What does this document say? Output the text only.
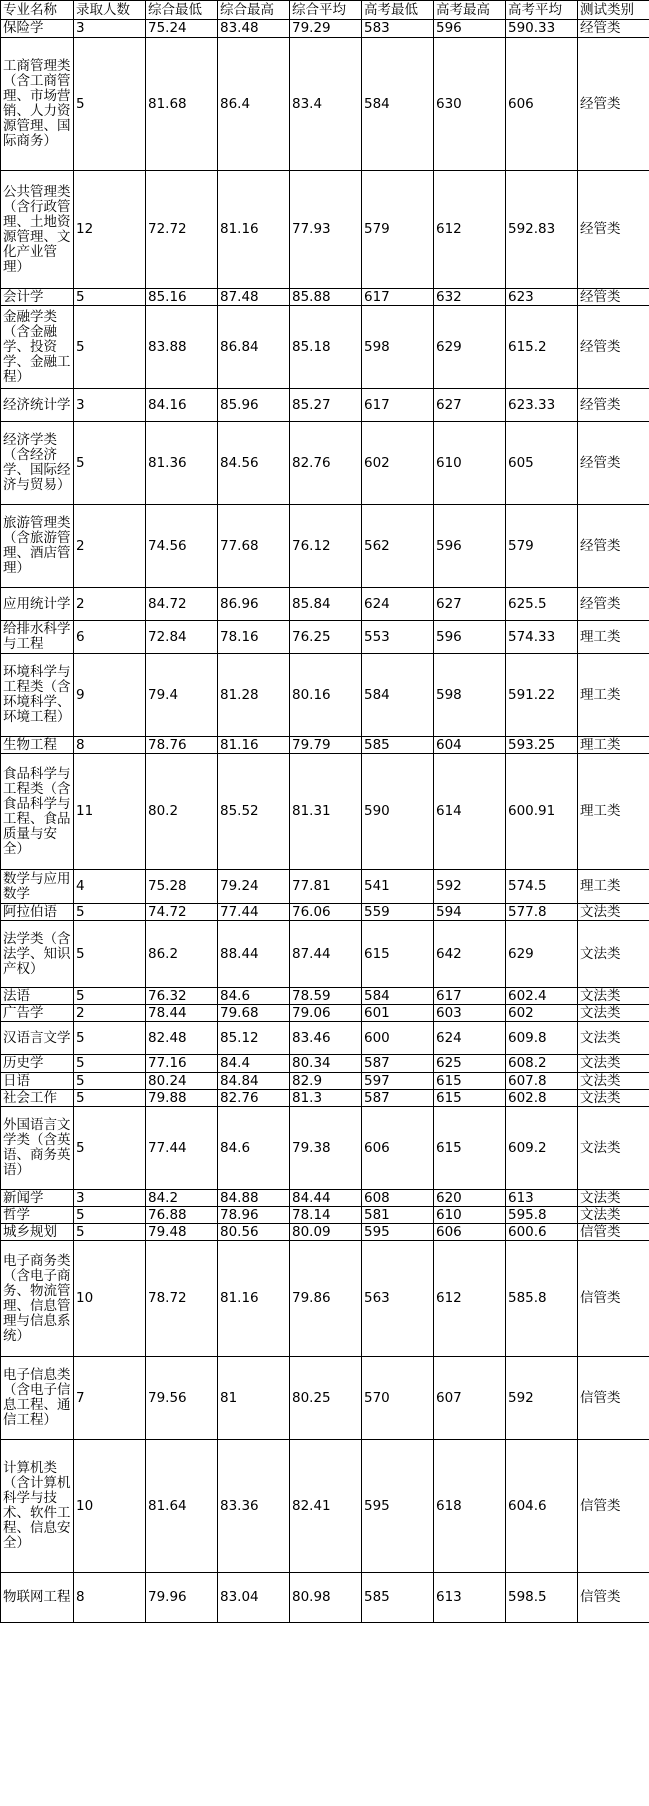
专业名称	录取人数	综合最低	综合最高	综合平均	高考最低	高考最高	高考平均	测试类别
保险学	3	75.24	83.48	79.29	583	596	590.33	经管类
工商管理类（含工商管理、市场营销、人力资源管理、国际商务）	5	81.68	86.4	83.4	584	630	606	经管类
公共管理类（含行政管理、土地资源管理、文化产业管理）	12	72.72	81.16	77.93	579	612	592.83	经管类
会计学	5	85.16	87.48	85.88	617	632	623	经管类
金融学类（含金融学、投资学、金融工程）	5	83.88	86.84	85.18	598	629	615.2	经管类
经济统计学	3	84.16	85.96	85.27	617	627	623.33	经管类
经济学类（含经济学、国际经济与贸易）	5	81.36	84.56	82.76	602	610	605	经管类
旅游管理类（含旅游管理、酒店管理）	2	74.56	77.68	76.12	562	596	579	经管类
应用统计学	2	84.72	86.96	85.84	624	627	625.5	经管类
给排水科学与工程	6	72.84	78.16	76.25	553	596	574.33	理工类
环境科学与工程类（含环境科学、环境工程）	9	79.4	81.28	80.16	584	598	591.22	理工类
生物工程	8	78.76	81.16	79.79	585	604	593.25	理工类
食品科学与工程类（含食品科学与工程、食品质量与安全）	11	80.2	85.52	81.31	590	614	600.91	理工类
数学与应用数学	4	75.28	79.24	77.81	541	592	574.5	理工类
阿拉伯语	5	74.72	77.44	76.06	559	594	577.8	文法类
法学类（含法学、知识产权）	5	86.2	88.44	87.44	615	642	629	文法类
法语	5	76.32	84.6	78.59	584	617	602.4	文法类
广告学	2	78.44	79.68	79.06	601	603	602	文法类
汉语言文学	5	82.48	85.12	83.46	600	624	609.8	文法类
历史学	5	77.16	84.4	80.34	587	625	608.2	文法类
日语	5	80.24	84.84	82.9	597	615	607.8	文法类
社会工作	5	79.88	82.76	81.3	587	615	602.8	文法类
外国语言文学类（含英语、商务英语）	5	77.44	84.6	79.38	606	615	609.2	文法类
新闻学	3	84.2	84.88	84.44	608	620	613	文法类
哲学	5	76.88	78.96	78.14	581	610	595.8	文法类
城乡规划	5	79.48	80.56	80.09	595	606	600.6	信管类
电子商务类（含电子商务、物流管理、信息管理与信息系统）	10	78.72	81.16	79.86	563	612	585.8	信管类
电子信息类（含电子信息工程、通信工程）	7	79.56	81	80.25	570	607	592	信管类
计算机类（含计算机科学与技术、软件工程、信息安全）	10	81.64	83.36	82.41	595	618	604.6	信管类
物联网工程	8	79.96	83.04	80.98	585	613	598.5	信管类
